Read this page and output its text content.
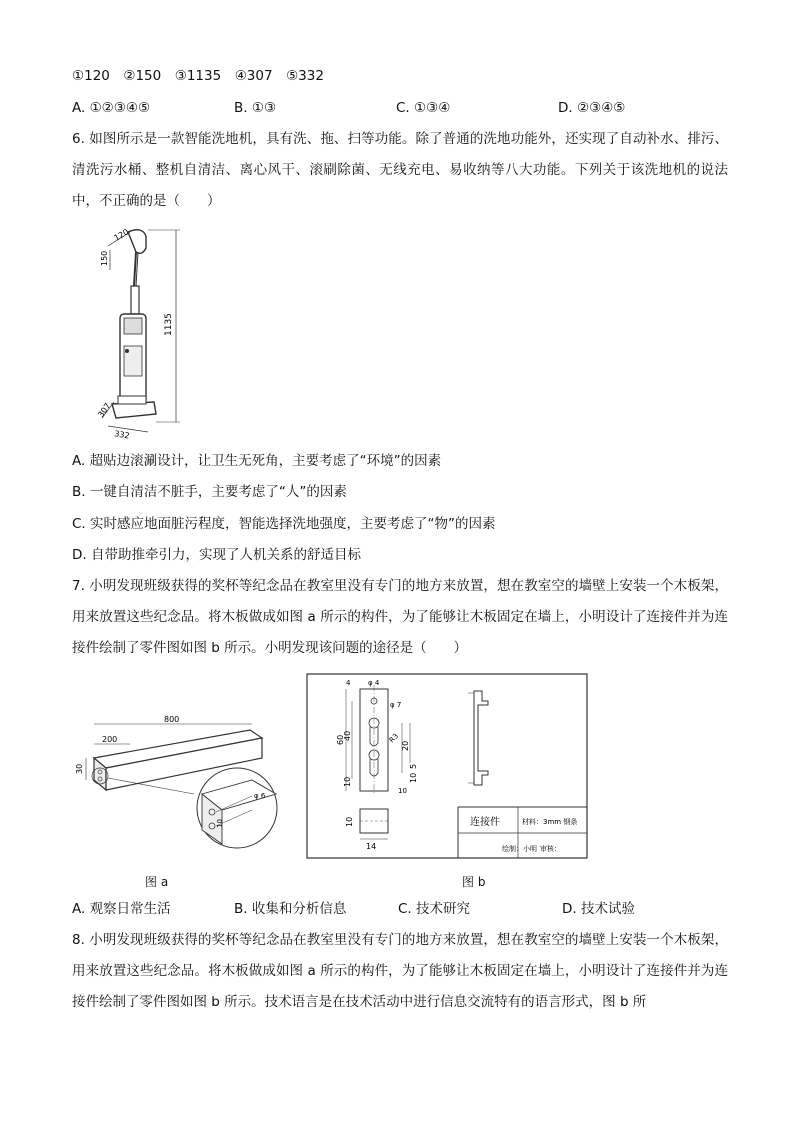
①120　②150　③1135　④307　⑤332
A. ①②③④⑤	B. ①③	C. ①③④	D. ②③④⑤
6. 如图所示是一款智能洗地机，具有洗、拖、扫等功能。除了普通的洗地功能外，还实现了自动补水、排污、清洗污水桶、整机自清洁、离心风干、滚刷除菌、无线充电、易收纳等八大功能。下列关于该洗地机的说法中，不正确的是（　　）
120
150
1135
307
332
A. 超贴边滚涮设计，让卫生无死角，主要考虑了“环境”的因素
B. 一键自清洁不脏手，主要考虑了“人”的因素
C. 实时感应地面脏污程度，智能选择洗地强度，主要考虑了“物”的因素
D. 自带助推牵引力，实现了人机关系的舒适目标
7. 小明发现班级获得的奖杯等纪念品在教室里没有专门的地方来放置，想在教室空的墙壁上安装一个木板架，用来放置这些纪念品。将木板做成如图 a 所示的构件，为了能够让木板固定在墙上，小明设计了连接件并为连接件绘制了零件图如图 b 所示。小明发现该问题的途径是（　　）
800
200
30
φ 6
10
图 a
60
40
10
φ 4
φ 7
R3
4
20
5
10
14
10
10
连接件	材料：3mm 钢条
绘制：小明 审核：
图 b
A. 观察日常生活	B. 收集和分析信息	C. 技术研究	D. 技术试验
8. 小明发现班级获得的奖杯等纪念品在教室里没有专门的地方来放置，想在教室空的墙壁上安装一个木板架，用来放置这些纪念品。将木板做成如图 a 所示的构件，为了能够让木板固定在墙上，小明设计了连接件并为连接件绘制了零件图如图 b 所示。技术语言是在技术活动中进行信息交流特有的语言形式，图 b 所
